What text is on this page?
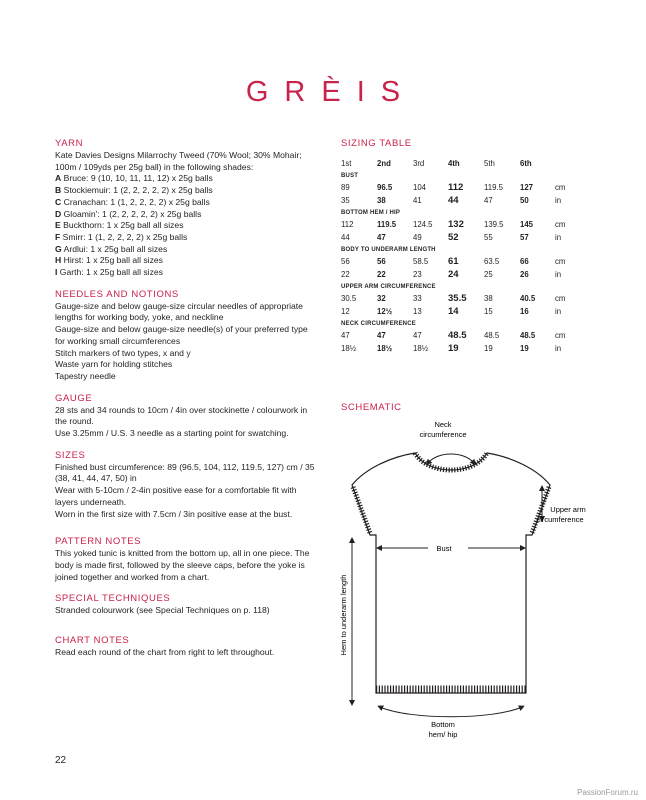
GRÈIS
YARN
Kate Davies Designs Milarrochy Tweed (70% Wool; 30% Mohair; 100m / 109yds per 25g ball) in the following shades:
A Bruce: 9 (10, 10, 11, 11, 12) x 25g balls
B Stockiemuir: 1 (2, 2, 2, 2, 2) x 25g balls
C Cranachan: 1 (1, 2, 2, 2, 2) x 25g balls
D Gloamin': 1 (2, 2, 2, 2, 2) x 25g balls
E Buckthorn: 1 x 25g ball all sizes
F Smirr: 1 (1, 2, 2, 2, 2) x 25g balls
G Ardlui: 1 x 25g ball all sizes
H Hirst: 1 x 25g ball all sizes
I Garth: 1 x 25g ball all sizes
NEEDLES AND NOTIONS
Gauge-size and below gauge-size circular needles of appropriate lengths for working body, yoke, and neckline
Gauge-size and below gauge-size needle(s) of your preferred type for working small circumferences
Stitch markers of two types, x and y
Waste yarn for holding stitches
Tapestry needle
GAUGE
28 sts and 34 rounds to 10cm / 4in over stockinette / colourwork in the round.
Use 3.25mm / U.S. 3 needle as a starting point for swatching.
SIZES
Finished bust circumference: 89 (96.5, 104, 112, 119.5, 127) cm / 35 (38, 41, 44, 47, 50) in
Wear with 5-10cm / 2-4in positive ease for a comfortable fit with layers underneath.
Worn in the first size with 7.5cm / 3in positive ease at the bust.
PATTERN NOTES
This yoked tunic is knitted from the bottom up, all in one piece. The body is made first, followed by the sleeve caps, before the yoke is joined together and worked from a chart.
SPECIAL TECHNIQUES
Stranded colourwork (see Special Techniques on p. 118)
CHART NOTES
Read each round of the chart from right to left throughout.
SIZING TABLE
1st	2nd	3rd	4th	5th	6th	
BUST						
89	96.5	104	112	119.5	127	cm
35	38	41	44	47	50	in
BOTTOM HEM / HIP						
112	119.5	124.5	132	139.5	145	cm
44	47	49	52	55	57	in
BODY TO UNDERARM LENGTH						
56	56	58.5	61	63.5	66	cm
22	22	23	24	25	26	in
UPPER ARM CIRCUMFERENCE						
30.5	32	33	35.5	38	40.5	cm
12	12½	13	14	15	16	in
NECK CIRCUMFERENCE						
47	47	47	48.5	48.5	48.5	cm
18½	18½	18½	19	19	19	in
SCHEMATIC
Neck
circumference
Bust
Upper arm
circumference
Hem to underarm length
Bottom
hem/ hip
22
PassionForum.ru
